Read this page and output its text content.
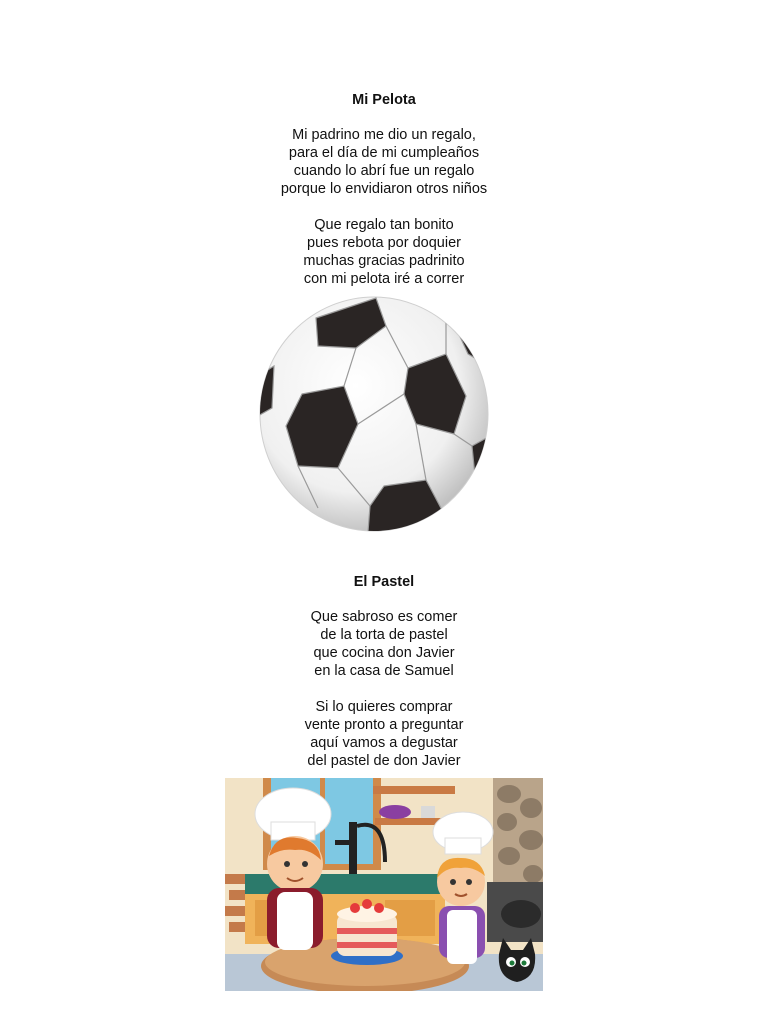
Mi Pelota

Mi padrino me dio un regalo,
para el día de mi cumpleaños
cuando lo abrí fue un regalo
porque lo envidiaron otros niños

Que regalo tan bonito
pues rebota por doquier
muchas gracias padrinito
con mi pelota iré a correr

El Pastel

Que sabroso es comer
de la torta de pastel
que cocina don Javier
en la casa de Samuel

Si lo quieres comprar
vente pronto a preguntar
aquí vamos a degustar
del pastel de don Javier
